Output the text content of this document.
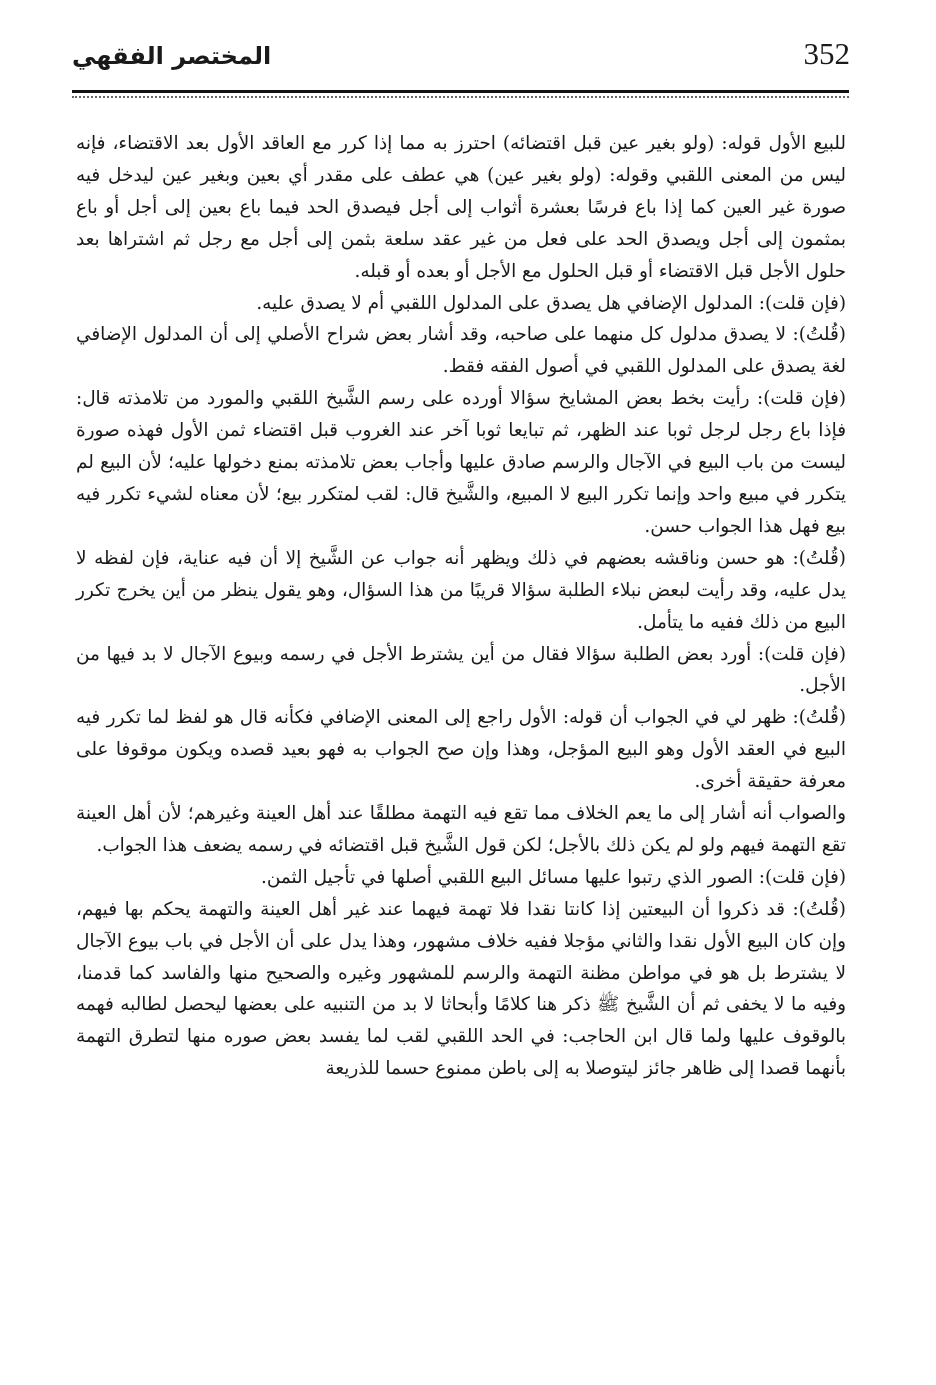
352
المختصر الفقهي

للبيع الأول قوله: (ولو بغير عين قبل اقتضائه) احترز به مما إذا كرر مع العاقد الأول بعد الاقتضاء، فإنه ليس من المعنى اللقبي وقوله: (ولو بغير عين) هي عطف على مقدر أي بعين وبغير عين ليدخل فيه صورة غير العين كما إذا باع فرسًا بعشرة أثواب إلى أجل فيصدق الحد فيما باع بعين إلى أجل أو باع بمثمون إلى أجل ويصدق الحد على فعل من غير عقد سلعة بثمن إلى أجل مع رجل ثم اشتراها بعد حلول الأجل قبل الاقتضاء أو قبل الحلول مع الأجل أو بعده أو قبله.

(فإن قلت): المدلول الإضافي هل يصدق على المدلول اللقبي أم لا يصدق عليه.

(قُلتُ): لا يصدق مدلول كل منهما على صاحبه، وقد أشار بعض شراح الأصلي إلى أن المدلول الإضافي لغة يصدق على المدلول اللقبي في أصول الفقه فقط.

(فإن قلت): رأيت بخط بعض المشايخ سؤالا أورده على رسم الشَّيخ اللقبي والمورد من تلامذته قال: فإذا باع رجل لرجل ثوبا عند الظهر، ثم تبايعا ثوبا آخر عند الغروب قبل اقتضاء ثمن الأول فهذه صورة ليست من باب البيع في الآجال والرسم صادق عليها وأجاب بعض تلامذته بمنع دخولها عليه؛ لأن البيع لم يتكرر في مبيع واحد وإنما تكرر البيع لا المبيع، والشَّيخ قال: لقب لمتكرر بيع؛ لأن معناه لشيء تكرر فيه بيع فهل هذا الجواب حسن.

(قُلتُ): هو حسن وناقشه بعضهم في ذلك ويظهر أنه جواب عن الشَّيخ إلا أن فيه عناية، فإن لفظه لا يدل عليه، وقد رأيت لبعض نبلاء الطلبة سؤالا قريبًا من هذا السؤال، وهو يقول ينظر من أين يخرج تكرر البيع من ذلك ففيه ما يتأمل.

(فإن قلت): أورد بعض الطلبة سؤالا فقال من أين يشترط الأجل في رسمه وبيوع الآجال لا بد فيها من الأجل.

(قُلتُ): ظهر لي في الجواب أن قوله: الأول راجع إلى المعنى الإضافي فكأنه قال هو لفظ لما تكرر فيه البيع في العقد الأول وهو البيع المؤجل، وهذا وإن صح الجواب به فهو بعيد قصده ويكون موقوفا على معرفة حقيقة أخرى.

والصواب أنه أشار إلى ما يعم الخلاف مما تقع فيه التهمة مطلقًا عند أهل العينة وغيرهم؛ لأن أهل العينة تقع التهمة فيهم ولو لم يكن ذلك بالأجل؛ لكن قول الشَّيخ قبل اقتضائه في رسمه يضعف هذا الجواب.

(فإن قلت): الصور الذي رتبوا عليها مسائل البيع اللقبي أصلها في تأجيل الثمن.

(قُلتُ): قد ذكروا أن البيعتين إذا كانتا نقدا فلا تهمة فيهما عند غير أهل العينة والتهمة يحكم بها فيهم، وإن كان البيع الأول نقدا والثاني مؤجلا ففيه خلاف مشهور، وهذا يدل على أن الأجل في باب بيوع الآجال لا يشترط بل هو في مواطن مظنة التهمة والرسم للمشهور وغيره والصحيح منها والفاسد كما قدمنا، وفيه ما لا يخفى ثم أن الشَّيخ ﷺ ذكر هنا كلامًا وأبحاثا لا بد من التنبيه على بعضها ليحصل لطالبه فهمه بالوقوف عليها ولما قال ابن الحاجب: في الحد اللقبي لقب لما يفسد بعض صوره منها لتطرق التهمة بأنهما قصدا إلى ظاهر جائز ليتوصلا به إلى باطن ممنوع حسما للذريعة
